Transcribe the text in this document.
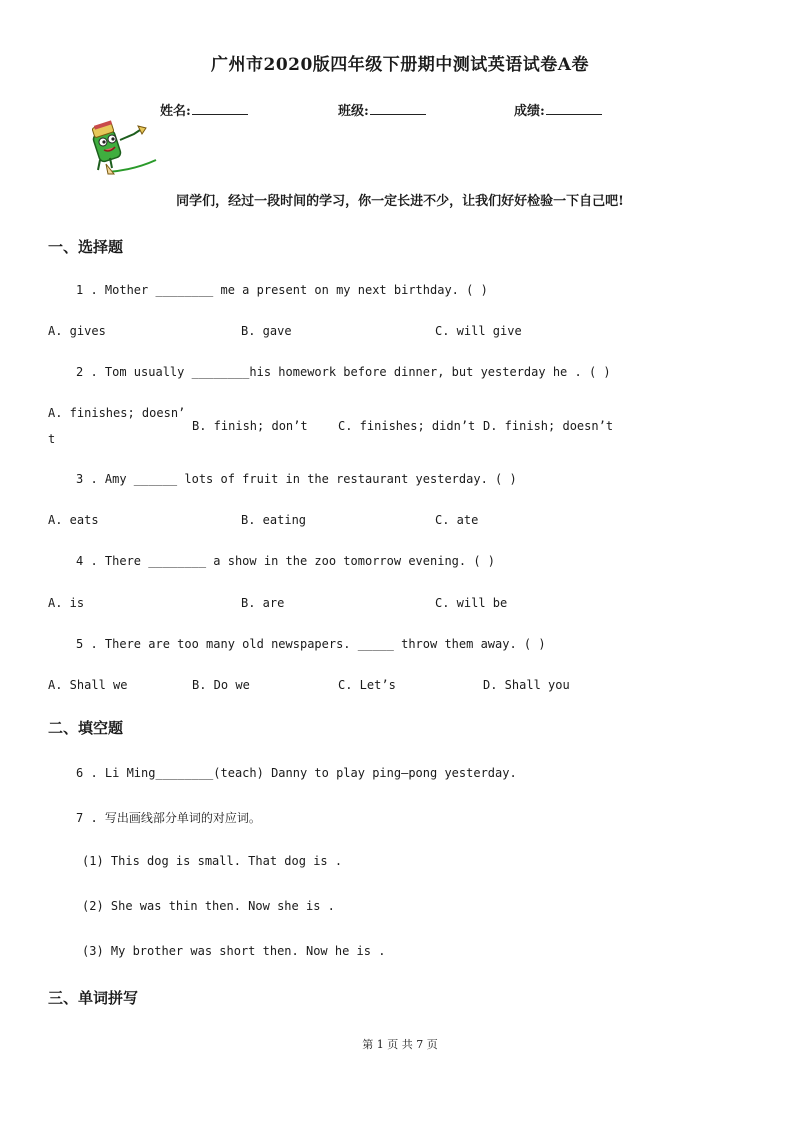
广州市2020版四年级下册期中测试英语试卷A卷
姓名:	班级:	成绩:
同学们，经过一段时间的学习，你一定长进不少，让我们好好检验一下自己吧!
一、选择题
1 . Mother ________ me a present on my next birthday. ( )
A. gives	B. gave	C. will give
2 . Tom usually ________his homework before dinner, but yesterday he . ( )
A. finishes; doesn’
t
B. finish; don’t	C. finishes; didn’t D. finish; doesn’t
3 . Amy ______ lots of fruit in the restaurant yesterday. ( )
A. eats	B. eating	C. ate
4 . There ________ a show in the zoo tomorrow evening. ( )
A. is	B. are	C. will be
5 . There are too many old newspapers. _____ throw them away. ( )
A. Shall we	B. Do we	C. Let’s	D. Shall you
二、填空题
6 . Li Ming________(teach) Danny to play ping—pong yesterday.
7 . 写出画线部分单词的对应词。
(1) This dog is small. That dog is .
(2) She was thin then. Now she is .
(3) My brother was short then. Now he is .
三、单词拼写
第 1 页 共 7 页
